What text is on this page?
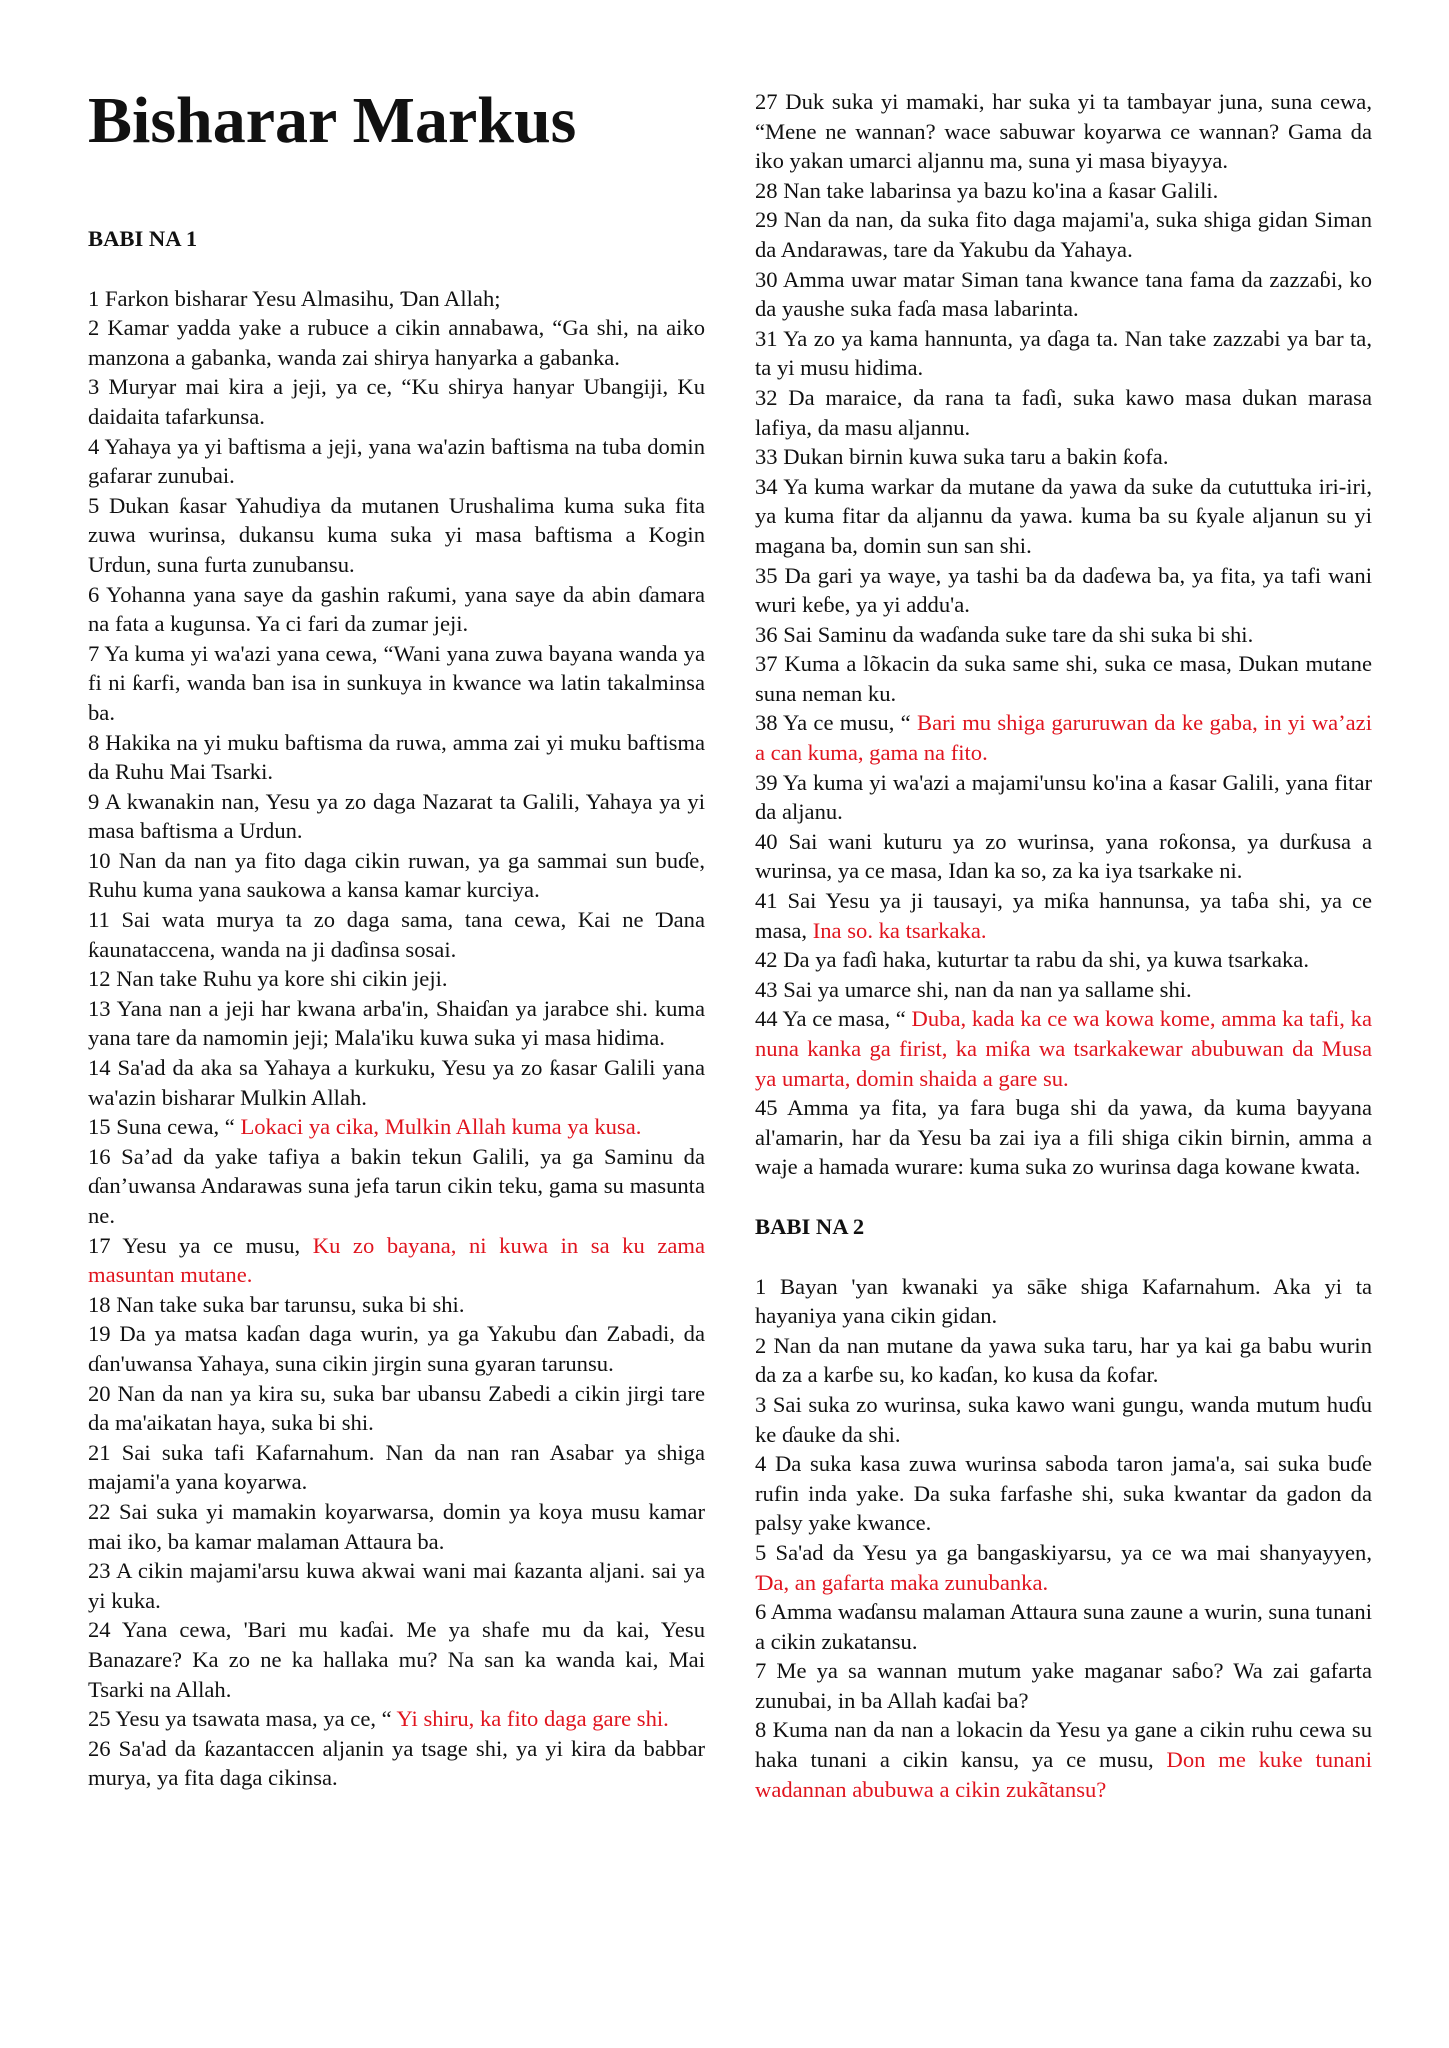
Bisharar Markus
BABI NA 1

1 Farkon bisharar Yesu Almasihu, Ɗan Allah;

2 Kamar yadda yake a rubuce a cikin annabawa, “Ga shi, na aiko manzona a gabanka, wanda zai shirya hanyarka a gabanka.

3 Muryar mai kira a jeji, ya ce, “Ku shirya hanyar Ubangiji, Ku daidaita tafarkunsa.

4 Yahaya ya yi baftisma a jeji, yana wa'azin baftisma na tuba domin gafarar zunubai.

5 Dukan ƙasar Yahudiya da mutanen Urushalima kuma suka fita zuwa wurinsa, dukansu kuma suka yi masa baftisma a Kogin Urdun, suna furta zunubansu.

6 Yohanna yana saye da gashin raƙumi, yana saye da abin ɗamara na fata a kugunsa. Ya ci fari da zumar jeji.

7 Ya kuma yi wa'azi yana cewa, “Wani yana zuwa bayana wanda ya fi ni ƙarfi, wanda ban isa in sunkuya in kwance wa latin takalminsa ba.

8 Hakika na yi muku baftisma da ruwa, amma zai yi muku baftisma da Ruhu Mai Tsarki.

9 A kwanakin nan, Yesu ya zo daga Nazarat ta Galili, Yahaya ya yi masa baftisma a Urdun.

10 Nan da nan ya fito daga cikin ruwan, ya ga sammai sun buɗe, Ruhu kuma yana saukowa a kansa kamar kurciya.

11 Sai wata murya ta zo daga sama, tana cewa, Kai ne Ɗana ƙaunataccena, wanda na ji daɗinsa sosai.

12 Nan take Ruhu ya kore shi cikin jeji.

13 Yana nan a jeji har kwana arba'in, Shaiɗan ya jarabce shi. kuma yana tare da namomin jeji; Mala'iku kuwa suka yi masa hidima.

14 Sa'ad da aka sa Yahaya a kurkuku, Yesu ya zo ƙasar Galili yana wa'azin bisharar Mulkin Allah.

15 Suna cewa, “ Lokaci ya cika, Mulkin Allah kuma ya kusa.

16 Sa’ad da yake tafiya a bakin tekun Galili, ya ga Saminu da ɗan’uwansa Andarawas suna jefa tarun cikin teku, gama su masunta ne.

17 Yesu ya ce musu, Ku zo bayana, ni kuwa in sa ku zama masuntan mutane.

18 Nan take suka bar tarunsu, suka bi shi.

19 Da ya matsa kaɗan daga wurin, ya ga Yakubu ɗan Zabadi, da ɗan'uwansa Yahaya, suna cikin jirgin suna gyaran tarunsu.

20 Nan da nan ya kira su, suka bar ubansu Zabedi a cikin jirgi tare da ma'aikatan haya, suka bi shi.

21 Sai suka tafi Kafarnahum. Nan da nan ran Asabar ya shiga majami'a yana koyarwa.

22 Sai suka yi mamakin koyarwarsa, domin ya koya musu kamar mai iko, ba kamar malaman Attaura ba.

23 A cikin majami'arsu kuwa akwai wani mai ƙazanta aljani. sai ya yi kuka.

24 Yana cewa, 'Bari mu kaɗai. Me ya shafe mu da kai, Yesu Banazare? Ka zo ne ka hallaka mu? Na san ka wanda kai, Mai Tsarki na Allah.

25 Yesu ya tsawata masa, ya ce, “ Yi shiru, ka fito daga gare shi.

26 Sa'ad da ƙazantaccen aljanin ya tsage shi, ya yi kira da babbar murya, ya fita daga cikinsa.

27 Duk suka yi mamaki, har suka yi ta tambayar juna, suna cewa, “Mene ne wannan? wace sabuwar koyarwa ce wannan? Gama da iko yakan umarci aljannu ma, suna yi masa biyayya.

28 Nan take labarinsa ya bazu ko'ina a ƙasar Galili.

29 Nan da nan, da suka fito daga majami'a, suka shiga gidan Siman da Andarawas, tare da Yakubu da Yahaya.

30 Amma uwar matar Siman tana kwance tana fama da zazzaɓi, ko da yaushe suka faɗa masa labarinta.

31 Ya zo ya kama hannunta, ya ɗaga ta. Nan take zazzabi ya bar ta, ta yi musu hidima.

32 Da maraice, da rana ta faɗi, suka kawo masa dukan marasa lafiya, da masu aljannu.

33 Dukan birnin kuwa suka taru a bakin ƙofa.

34 Ya kuma warkar da mutane da yawa da suke da cututtuka iri-iri, ya kuma fitar da aljannu da yawa. kuma ba su ƙyale aljanun su yi magana ba, domin sun san shi.

35 Da gari ya waye, ya tashi ba da daɗewa ba, ya fita, ya tafi wani wuri keɓe, ya yi addu'a.

36 Sai Saminu da waɗanda suke tare da shi suka bi shi.

37 Kuma a lõkacin da suka same shi, suka ce masa, Dukan mutane suna neman ku.

38 Ya ce musu, “ Bari mu shiga garuruwan da ke gaba, in yi wa’azi a can kuma, gama na fito.

39 Ya kuma yi wa'azi a majami'unsu ko'ina a ƙasar Galili, yana fitar da aljanu.

40 Sai wani kuturu ya zo wurinsa, yana roƙonsa, ya durƙusa a wurinsa, ya ce masa, Idan ka so, za ka iya tsarkake ni.

41 Sai Yesu ya ji tausayi, ya miƙa hannunsa, ya taɓa shi, ya ce masa, Ina so. ka tsarkaka.

42 Da ya faɗi haka, kuturtar ta rabu da shi, ya kuwa tsarkaka.

43 Sai ya umarce shi, nan da nan ya sallame shi.

44 Ya ce masa, “ Duba, kada ka ce wa kowa kome, amma ka tafi, ka nuna kanka ga firist, ka miƙa wa tsarkakewar abubuwan da Musa ya umarta, domin shaida a gare su.

45 Amma ya fita, ya fara buga shi da yawa, da kuma bayyana al'amarin, har da Yesu ba zai iya a fili shiga cikin birnin, amma a waje a hamada wurare: kuma suka zo wurinsa daga kowane kwata.

BABI NA 2

1 Bayan 'yan kwanaki ya sāke shiga Kafarnahum. Aka yi ta hayaniya yana cikin gidan.

2 Nan da nan mutane da yawa suka taru, har ya kai ga babu wurin da za a karɓe su, ko kaɗan, ko kusa da ƙofar.

3 Sai suka zo wurinsa, suka kawo wani gungu, wanda mutum huɗu ke ɗauke da shi.

4 Da suka kasa zuwa wurinsa saboda taron jama'a, sai suka buɗe rufin inda yake. Da suka farfashe shi, suka kwantar da gadon da palsy yake kwance.

5 Sa'ad da Yesu ya ga bangaskiyarsu, ya ce wa mai shanyayyen, Ɗa, an gafarta maka zunubanka.

6 Amma waɗansu malaman Attaura suna zaune a wurin, suna tunani a cikin zukatansu.

7 Me ya sa wannan mutum yake maganar saɓo? Wa zai gafarta zunubai, in ba Allah kaɗai ba?

8 Kuma nan da nan a lokacin da Yesu ya gane a cikin ruhu cewa su haka tunani a cikin kansu, ya ce musu, Don me kuke tunani wadannan abubuwa a cikin zukãtansu?
